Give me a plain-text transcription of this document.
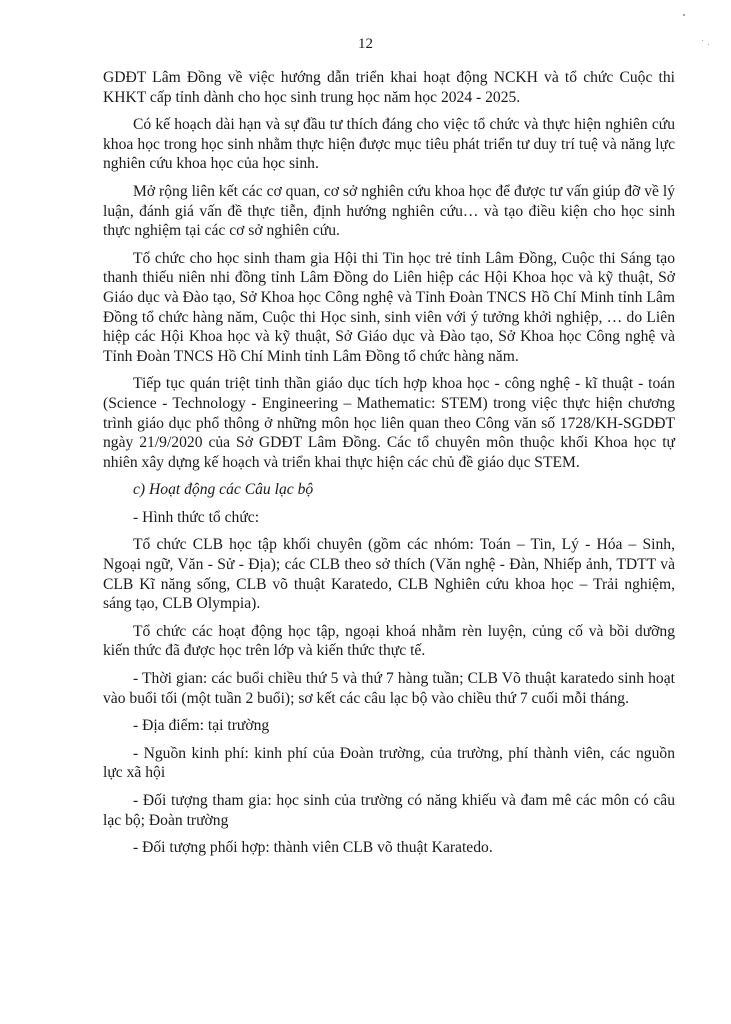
12

GDĐT Lâm Đồng về việc hướng dẫn triển khai hoạt động NCKH và tổ chức Cuộc thi KHKT cấp tỉnh dành cho học sinh trung học năm học 2024 - 2025.

Có kế hoạch dài hạn và sự đầu tư thích đáng cho việc tổ chức và thực hiện nghiên cứu khoa học trong học sinh nhằm thực hiện được mục tiêu phát triển tư duy trí tuệ và năng lực nghiên cứu khoa học của học sinh.

Mở rộng liên kết các cơ quan, cơ sở nghiên cứu khoa học để được tư vấn giúp đỡ về lý luận, đánh giá vấn đề thực tiễn, định hướng nghiên cứu… và tạo điều kiện cho học sinh thực nghiệm tại các cơ sở nghiên cứu.

Tổ chức cho học sinh tham gia Hội thi Tin học trẻ tỉnh Lâm Đồng, Cuộc thi Sáng tạo thanh thiếu niên nhi đồng tỉnh Lâm Đồng do Liên hiệp các Hội Khoa học và kỹ thuật, Sở Giáo dục và Đào tạo, Sở Khoa học Công nghệ và Tỉnh Đoàn TNCS Hồ Chí Minh tỉnh Lâm Đồng tổ chức hàng năm, Cuộc thi Học sinh, sinh viên với ý tưởng khởi nghiệp, … do Liên hiệp các Hội Khoa học và kỹ thuật, Sở Giáo dục và Đào tạo, Sở Khoa học Công nghệ và Tỉnh Đoàn TNCS Hồ Chí Minh tỉnh Lâm Đồng tổ chức hàng năm.

Tiếp tục quán triệt tinh thần giáo dục tích hợp khoa học - công nghệ - kĩ thuật - toán (Science - Technology - Engineering – Mathematic: STEM) trong việc thực hiện chương trình giáo dục phổ thông ở những môn học liên quan theo Công văn số 1728/KH-SGDĐT ngày 21/9/2020 của Sở GDĐT Lâm Đồng. Các tổ chuyên môn thuộc khối Khoa học tự nhiên xây dựng kế hoạch và triển khai thực hiện các chủ đề giáo dục STEM.

c) Hoạt động các Câu lạc bộ

- Hình thức tổ chức:

Tổ chức CLB học tập khối chuyên (gồm các nhóm: Toán – Tin, Lý - Hóa – Sinh, Ngoại ngữ, Văn - Sử - Địa); các CLB theo sở thích (Văn nghệ - Đàn, Nhiếp ảnh, TDTT và CLB Kĩ năng sống, CLB võ thuật Karatedo, CLB Nghiên cứu khoa học – Trải nghiệm, sáng tạo, CLB Olympia).

Tổ chức các hoạt động học tập, ngoại khoá nhằm rèn luyện, củng cố và bồi dưỡng kiến thức đã được học trên lớp và kiến thức thực tế.

- Thời gian: các buổi chiều thứ 5 và thứ 7 hàng tuần; CLB Võ thuật karatedo sinh hoạt vào buổi tối (một tuần 2 buổi); sơ kết các câu lạc bộ vào chiều thứ 7 cuối mỗi tháng.

- Địa điểm: tại trường

- Nguồn kinh phí: kinh phí của Đoàn trường, của trường, phí thành viên, các nguồn lực xã hội

- Đối tượng tham gia: học sinh của trường có năng khiếu và đam mê các môn có câu lạc bộ; Đoàn trường

- Đối tượng phối hợp: thành viên CLB võ thuật Karatedo.
